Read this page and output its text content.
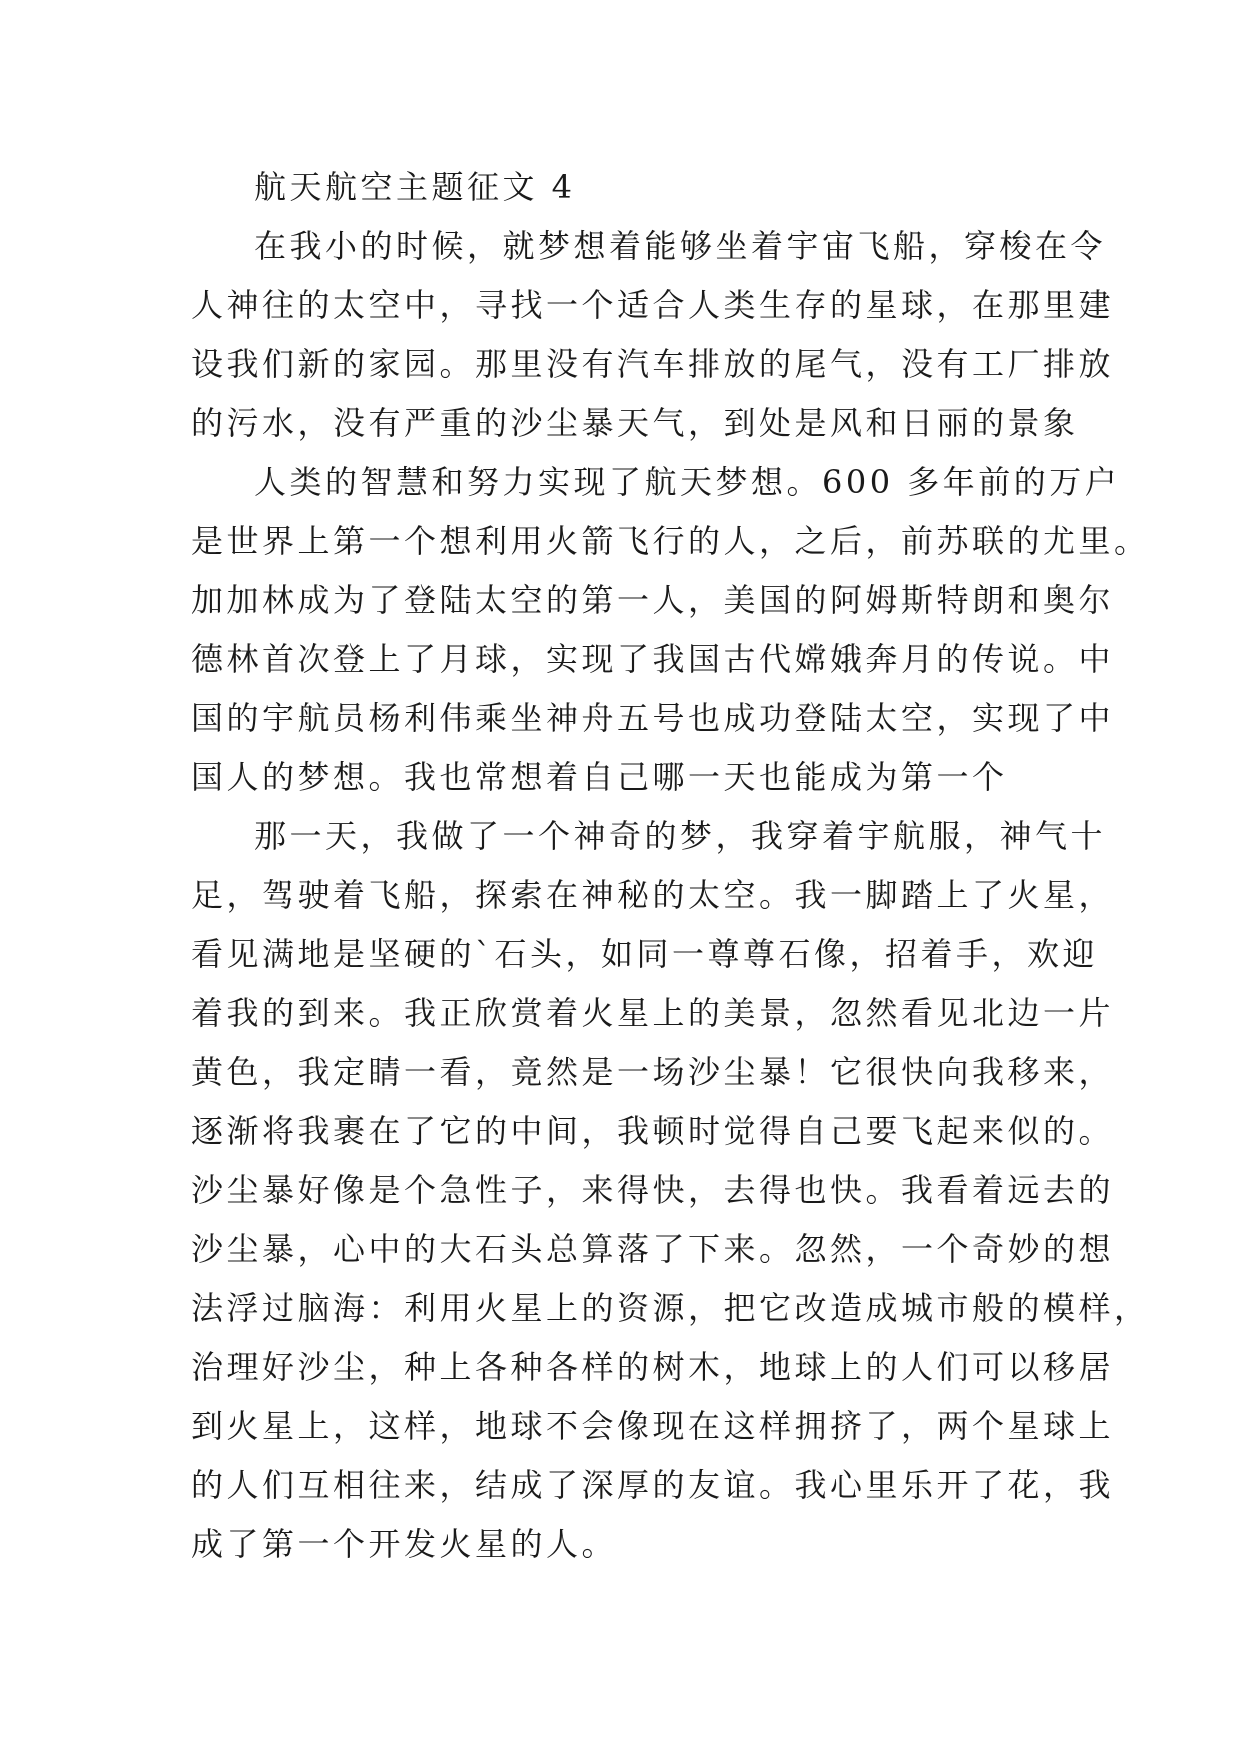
航天航空主题征文 4
在我小的时候，就梦想着能够坐着宇宙飞船，穿梭在令
人神往的太空中，寻找一个适合人类生存的星球，在那里建
设我们新的家园。那里没有汽车排放的尾气，没有工厂排放
的污水，没有严重的沙尘暴天气，到处是风和日丽的景象
人类的智慧和努力实现了航天梦想。600 多年前的万户
是世界上第一个想利用火箭飞行的人，之后，前苏联的尤里。
加加林成为了登陆太空的第一人，美国的阿姆斯特朗和奥尔
德林首次登上了月球，实现了我国古代嫦娥奔月的传说。中
国的宇航员杨利伟乘坐神舟五号也成功登陆太空，实现了中
国人的梦想。我也常想着自己哪一天也能成为第一个
那一天，我做了一个神奇的梦，我穿着宇航服，神气十
足，驾驶着飞船，探索在神秘的太空。我一脚踏上了火星，
看见满地是坚硬的`石头，如同一尊尊石像，招着手，欢迎
着我的到来。我正欣赏着火星上的美景，忽然看见北边一片
黄色，我定睛一看，竟然是一场沙尘暴！它很快向我移来，
逐渐将我裹在了它的中间，我顿时觉得自己要飞起来似的。
沙尘暴好像是个急性子，来得快，去得也快。我看着远去的
沙尘暴，心中的大石头总算落了下来。忽然，一个奇妙的想
法浮过脑海：利用火星上的资源，把它改造成城市般的模样，
治理好沙尘，种上各种各样的树木，地球上的人们可以移居
到火星上，这样，地球不会像现在这样拥挤了，两个星球上
的人们互相往来，结成了深厚的友谊。我心里乐开了花，我
成了第一个开发火星的人。
